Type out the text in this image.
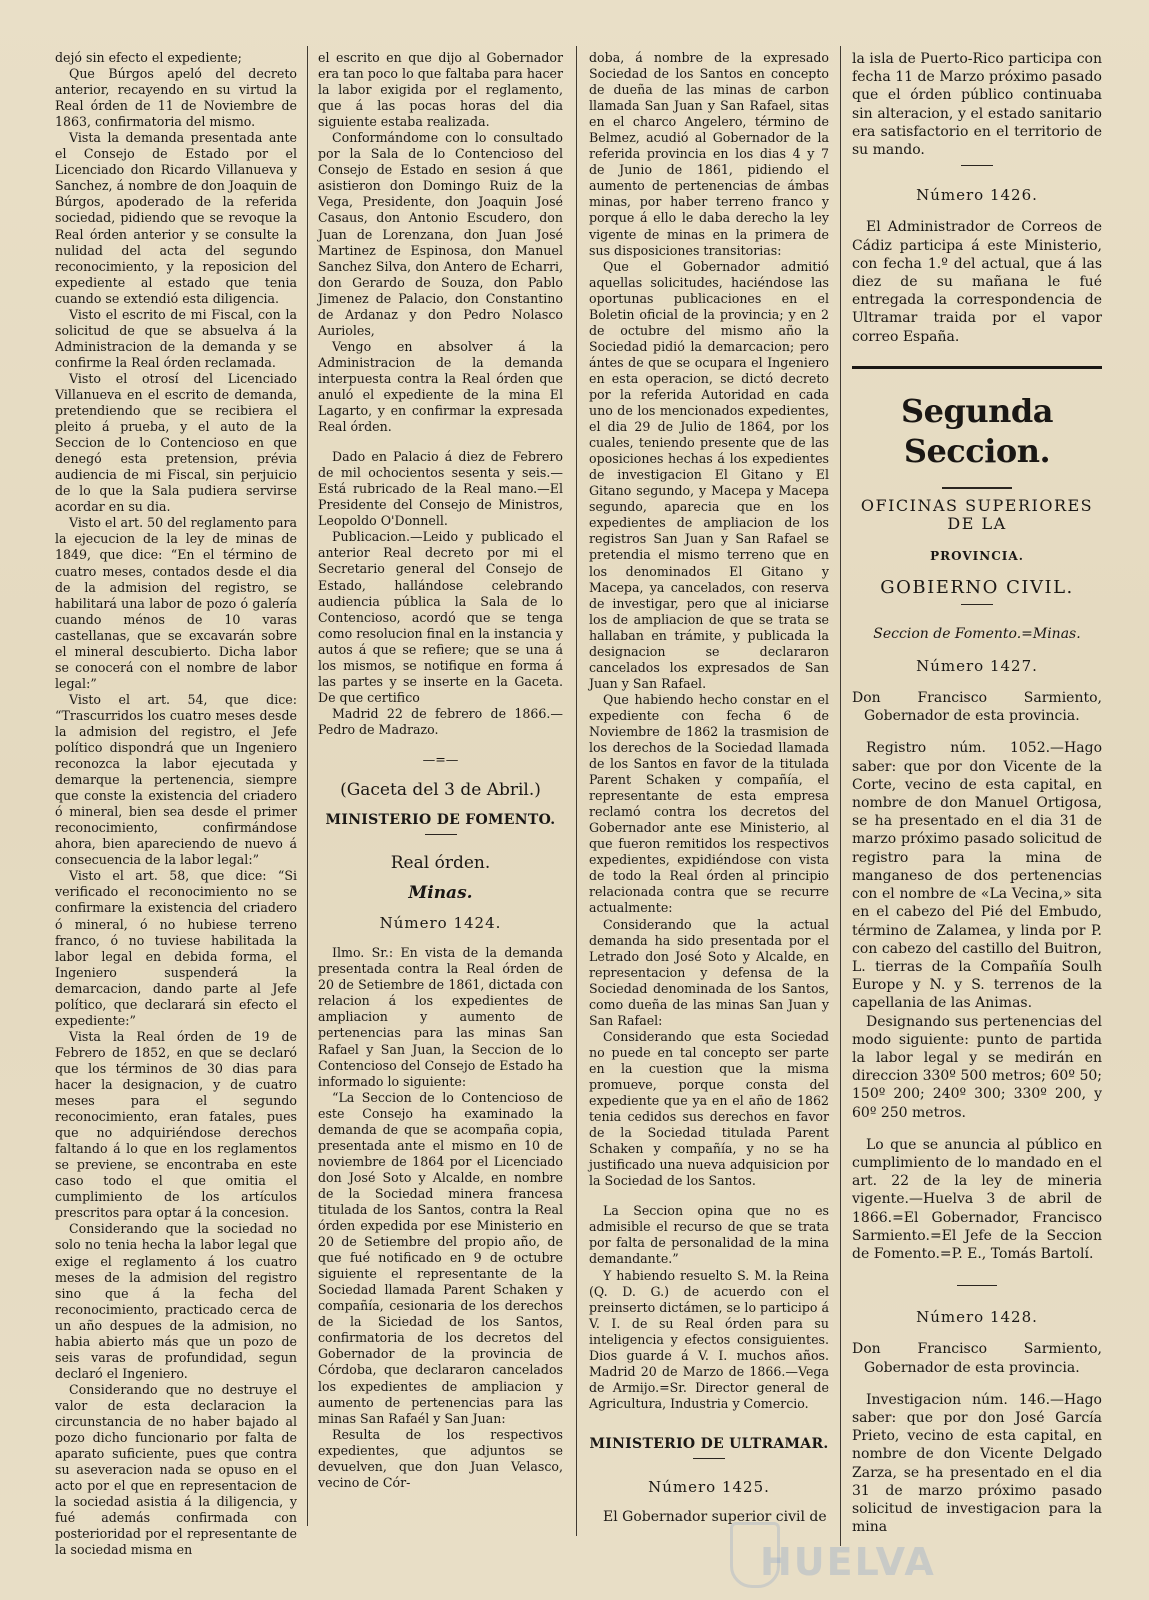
dejó sin efecto el expediente;

Que Búrgos apeló del decreto anterior, recayendo en su virtud la Real órden de 11 de Noviembre de 1863, confirmatoria del mismo.

Vista la demanda presentada ante el Consejo de Estado por el Licenciado don Ricardo Villanueva y Sanchez, á nombre de don Joaquin de Búrgos, apoderado de la referida sociedad, pidiendo que se revoque la Real órden anterior y se consulte la nulidad del acta del segundo reconocimiento, y la reposicion del expediente al estado que tenia cuando se extendió esta diligencia.

Visto el escrito de mi Fiscal, con la solicitud de que se absuelva á la Administracion de la demanda y se confirme la Real órden reclamada.

Visto el otrosí del Licenciado Villanueva en el escrito de demanda, pretendiendo que se recibiera el pleito á prueba, y el auto de la Seccion de lo Contencioso en que denegó esta pretension, prévia audiencia de mi Fiscal, sin perjuicio de lo que la Sala pudiera servirse acordar en su dia.

Visto el art. 50 del reglamento para la ejecucion de la ley de minas de 1849, que dice: “En el término de cuatro meses, contados desde el dia de la admision del registro, se habilitará una labor de pozo ó galería cuando ménos de 10 varas castellanas, que se excavarán sobre el mineral descubierto. Dicha labor se conocerá con el nombre de labor legal:”

Visto el art. 54, que dice: “Trascurridos los cuatro meses desde la admision del registro, el Jefe político dispondrá que un Ingeniero reconozca la labor ejecutada y demarque la pertenencia, siempre que conste la existencia del criadero ó mineral, bien sea desde el primer reconocimiento, confirmándose ahora, bien apareciendo de nuevo á consecuencia de la labor legal:”

Visto el art. 58, que dice: “Si verificado el reconocimiento no se confirmare la existencia del criadero ó mineral, ó no hubiese terreno franco, ó no tuviese habilitada la labor legal en debida forma, el Ingeniero suspenderá la demarcacion, dando parte al Jefe político, que declarará sin efecto el expediente:”

Vista la Real órden de 19 de Febrero de 1852, en que se declaró que los términos de 30 dias para hacer la designacion, y de cuatro meses para el segundo reconocimiento, eran fatales, pues que no adquiriéndose derechos faltando á lo que en los reglamentos se previene, se encontraba en este caso todo el que omitia el cumplimiento de los artículos prescritos para optar á la concesion.

Considerando que la sociedad no solo no tenia hecha la labor legal que exige el reglamento á los cuatro meses de la admision del registro sino que á la fecha del reconocimiento, practicado cerca de un año despues de la admision, no habia abierto más que un pozo de seis varas de profundidad, segun declaró el Ingeniero.

Considerando que no destruye el valor de esta declaracion la circunstancia de no haber bajado al pozo dicho funcionario por falta de aparato suficiente, pues que contra su aseveracion nada se opuso en el acto por el que en representacion de la sociedad asistia á la diligencia, y fué además confirmada con posterioridad por el representante de la sociedad misma en

el escrito en que dijo al Gobernador era tan poco lo que faltaba para hacer la labor exigida por el reglamento, que á las pocas horas del dia siguiente estaba realizada.

Conformándome con lo consultado por la Sala de lo Contencioso del Consejo de Estado en sesion á que asistieron don Domingo Ruiz de la Vega, Presidente, don Joaquin José Casaus, don Antonio Escudero, don Juan de Lorenzana, don Juan José Martinez de Espinosa, don Manuel Sanchez Silva, don Antero de Echarri, don Gerardo de Souza, don Pablo Jimenez de Palacio, don Constantino de Ardanaz y don Pedro Nolasco Aurioles,

Vengo en absolver á la Administracion de la demanda interpuesta contra la Real órden que anuló el expediente de la mina El Lagarto, y en confirmar la expresada Real órden.

Dado en Palacio á diez de Febrero de mil ochocientos sesenta y seis.—Está rubricado de la Real mano.—El Presidente del Consejo de Ministros, Leopoldo O'Donnell.

Publicacion.—Leido y publicado el anterior Real decreto por mi el Secretario general del Consejo de Estado, hallándose celebrando audiencia pública la Sala de lo Contencioso, acordó que se tenga como resolucion final en la instancia y autos á que se refiere; que se una á los mismos, se notifique en forma á las partes y se inserte en la Gaceta. De que certifico

Madrid 22 de febrero de 1866.—Pedro de Madrazo.

—=—

(Gaceta del 3 de Abril.)

MINISTERIO DE FOMENTO.

Real órden.

Minas.

Número 1424.

Ilmo. Sr.: En vista de la demanda presentada contra la Real órden de 20 de Setiembre de 1861, dictada con relacion á los expedientes de ampliacion y aumento de pertenencias para las minas San Rafael y San Juan, la Seccion de lo Contencioso del Consejo de Estado ha informado lo siguiente:

“La Seccion de lo Contencioso de este Consejo ha examinado la demanda de que se acompaña copia, presentada ante el mismo en 10 de noviembre de 1864 por el Licenciado don José Soto y Alcalde, en nombre de la Sociedad minera francesa titulada de los Santos, contra la Real órden expedida por ese Ministerio en 20 de Setiembre del propio año, de que fué notificado en 9 de octubre siguiente el representante de la Sociedad llamada Parent Schaken y compañía, cesionaria de los derechos de la Siciedad de los Santos, confirmatoria de los decretos del Gobernador de la provincia de Córdoba, que declararon cancelados los expedientes de ampliacion y aumento de pertenencias para las minas San Rafaél y San Juan:

Resulta de los respectivos expedientes, que adjuntos se devuelven, que don Juan Velasco, vecino de Cór-

doba, á nombre de la expresado Sociedad de los Santos en concepto de dueña de las minas de carbon llamada San Juan y San Rafael, sitas en el charco Angelero, término de Belmez, acudió al Gobernador de la referida provincia en los dias 4 y 7 de Junio de 1861, pidiendo el aumento de pertenencias de ámbas minas, por haber terreno franco y porque á ello le daba derecho la ley vigente de minas en la primera de sus disposiciones transitorias:

Que el Gobernador admitió aquellas solicitudes, haciéndose las oportunas publicaciones en el Boletin oficial de la provincia; y en 2 de octubre del mismo año la Sociedad pidió la demarcacion; pero ántes de que se ocupara el Ingeniero en esta operacion, se dictó decreto por la referida Autoridad en cada uno de los mencionados expedientes, el dia 29 de Julio de 1864, por los cuales, teniendo presente que de las oposiciones hechas á los expedientes de investigacion El Gitano y El Gitano segundo, y Macepa y Macepa segundo, aparecia que en los expedientes de ampliacion de los registros San Juan y San Rafael se pretendia el mismo terreno que en los denominados El Gitano y Macepa, ya cancelados, con reserva de investigar, pero que al iniciarse los de ampliacion de que se trata se hallaban en trámite, y publicada la designacion se declararon cancelados los expresados de San Juan y San Rafael.

Que habiendo hecho constar en el expediente con fecha 6 de Noviembre de 1862 la trasmision de los derechos de la Sociedad llamada de los Santos en favor de la titulada Parent Schaken y compañía, el representante de esta empresa reclamó contra los decretos del Gobernador ante ese Ministerio, al que fueron remitidos los respectivos expedientes, expidiéndose con vista de todo la Real órden al principio relacionada contra que se recurre actualmente:

Considerando que la actual demanda ha sido presentada por el Letrado don José Soto y Alcalde, en representacion y defensa de la Sociedad denominada de los Santos, como dueña de las minas San Juan y San Rafael:

Considerando que esta Sociedad no puede en tal concepto ser parte en la cuestion que la misma promueve, porque consta del expediente que ya en el año de 1862 tenia cedidos sus derechos en favor de la Sociedad titulada Parent Schaken y compañía, y no se ha justificado una nueva adquisicion por la Sociedad de los Santos.

La Seccion opina que no es admisible el recurso de que se trata por falta de personalidad de la mina demandante.”

Y habiendo resuelto S. M. la Reina (Q. D. G.) de acuerdo con el preinserto dictámen, se lo participo á V. I. de su Real órden para su inteligencia y efectos consiguientes. Dios guarde á V. I. muchos años. Madrid 20 de Marzo de 1866.—Vega de Armijo.=Sr. Director general de Agricultura, Industria y Comercio.

MINISTERIO DE ULTRAMAR.

Número 1425.

El Gobernador superior civil de

la isla de Puerto-Rico participa con fecha 11 de Marzo próximo pasado que el órden público continuaba sin alteracion, y el estado sanitario era satisfactorio en el territorio de su mando.

Número 1426.

El Administrador de Correos de Cádiz participa á este Ministerio, con fecha 1.º del actual, que á las diez de su mañana le fué entregada la correspondencia de Ultramar traida por el vapor correo España.

Segunda Seccion.

OFICINAS SUPERIORES DE LA

PROVINCIA.

GOBIERNO CIVIL.

Seccion de Fomento.=Minas.

Número 1427.

Don Francisco Sarmiento, Gobernador de esta provincia.

Registro núm. 1052.—Hago saber: que por don Vicente de la Corte, vecino de esta capital, en nombre de don Manuel Ortigosa, se ha presentado en el dia 31 de marzo próximo pasado solicitud de registro para la mina de manganeso de dos pertenencias con el nombre de «La Vecina,» sita en el cabezo del Pié del Embudo, término de Zalamea, y linda por P. con cabezo del castillo del Buitron, L. tierras de la Compañía Soulh Europe y N. y S. terrenos de la capellania de las Animas.

Designando sus pertenencias del modo siguiente: punto de partida la labor legal y se medirán en direccion 330º 500 metros; 60º 50; 150º 200; 240º 300; 330º 200, y 60º 250 metros.

Lo que se anuncia al público en cumplimiento de lo mandado en el art. 22 de la ley de mineria vigente.—Huelva 3 de abril de 1866.=El Gobernador, Francisco Sarmiento.=El Jefe de la Seccion de Fomento.=P. E., Tomás Bartolí.

Número 1428.

Don Francisco Sarmiento, Gobernador de esta provincia.

Investigacion núm. 146.—Hago saber: que por don José García Prieto, vecino de esta capital, en nombre de don Vicente Delgado Zarza, se ha presentado en el dia 31 de marzo próximo pasado solicitud de investigacion para la mina

HUELVA
